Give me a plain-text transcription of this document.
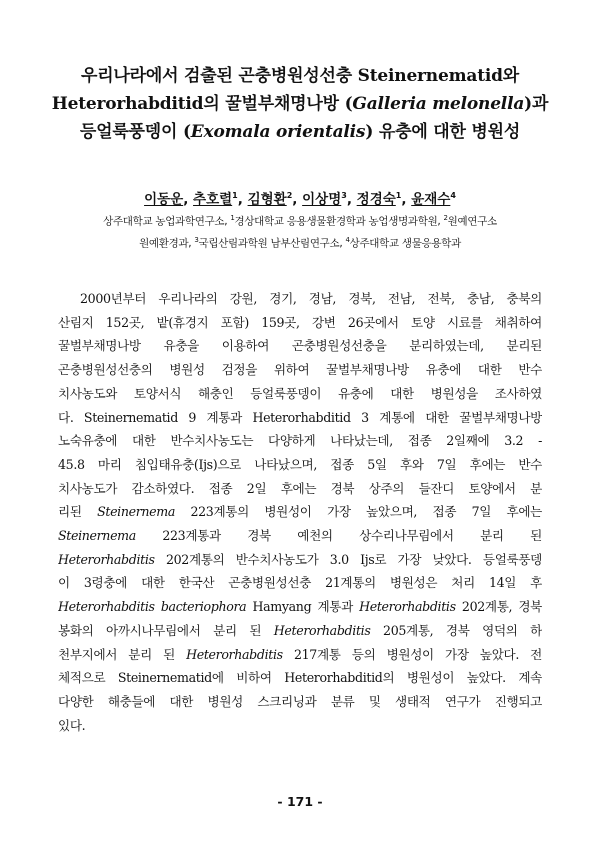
우리나라에서 검출된 곤충병원성선충 Steinernematid와
Heterorhabditid의 꿀벌부채명나방 (Galleria melonella)과
등얼룩풍뎅이 (Exomala orientalis) 유충에 대한 병원성
이동운, 추호렬$^1$, 김형환$^2$, 이상명$^3$, 정경숙$^1$, 윤재수$^4$
상주대학교 농업과학연구소, $^1$경상대학교 응용생물환경학과 농업생명과학원, $^2$원예연구소
원예환경과, $^3$국립산림과학원 남부산림연구소, $^4$상주대학교 생물응용학과
2000년부터 우리나라의 강원, 경기, 경남, 경북, 전남, 전북, 충남, 충북의
산림지 152곳, 밭(휴경지 포함) 159곳, 강변 26곳에서 토양 시료를 채취하여
꿀벌부채명나방 유충을 이용하여 곤충병원성선충을 분리하였는데, 분리된
곤충병원성선충의 병원성 검정을 위하여 꿀벌부채명나방 유충에 대한 반수
치사농도와 토양서식 해충인 등얼룩풍뎅이 유충에 대한 병원성을 조사하였
다. Steinernematid 9 계통과 Heterorhabditid 3 계통에 대한 꿀벌부채명나방
노숙유충에 대한 반수치사농도는 다양하게 나타났는데, 접종 2일째에 3.2 -
45.8 마리 침입태유충(Ijs)으로 나타났으며, 접종 5일 후와 7일 후에는 반수
치사농도가 감소하였다. 접종 2일 후에는 경북 상주의 들잔디 토양에서 분
리된 Steinernema 223계통의 병원성이 가장 높았으며, 접종 7일 후에는
Steinernema 223계통과 경북 예천의 상수리나무림에서 분리 된
Heterorhabditis 202계통의 반수치사농도가 3.0 Ijs로 가장 낮았다. 등얼룩풍뎅
이 3령충에 대한 한국산 곤충병원성선충 21계통의 병원성은 처리 14일 후
Heterorhabditis bacteriophora Hamyang 계통과 Heterorhabditis 202계통, 경북
봉화의 아까시나무림에서 분리 된 Heterorhabditis 205계통, 경북 영덕의 하
천부지에서 분리 된 Heterorhabditis 217계통 등의 병원성이 가장 높았다. 전
체적으로 Steinernematid에 비하여 Heterorhabditid의 병원성이 높았다. 계속
다양한 해충들에 대한 병원성 스크리닝과 분류 및 생태적 연구가 진행되고
있다.
- 171 -
